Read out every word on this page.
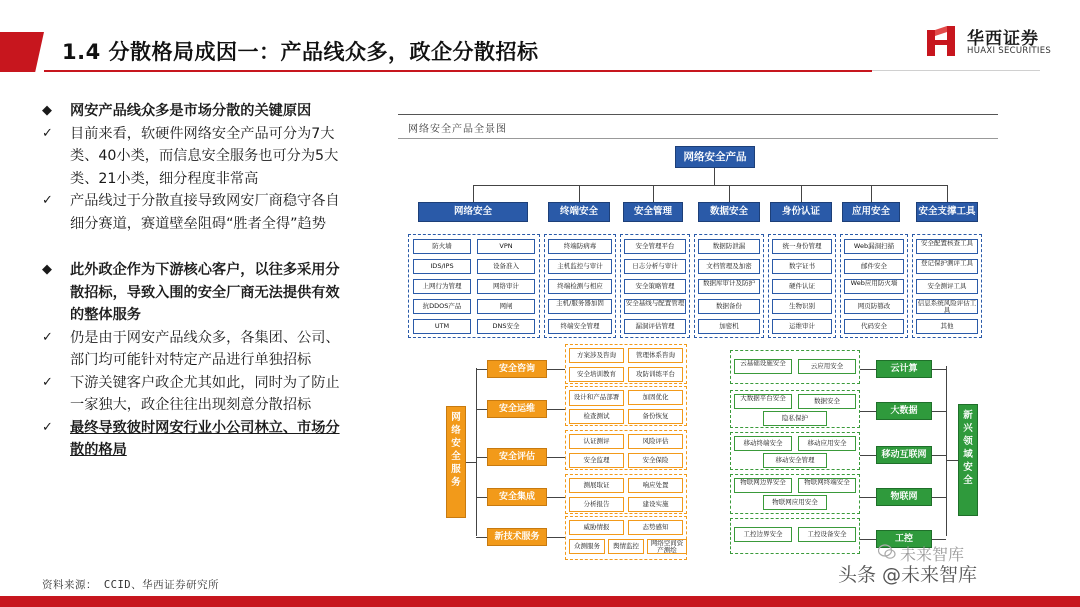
1.4 分散格局成因一：产品线众多，政企分散招标
华西证券
HUAXI SECURITIES
◆	网安产品线众多是市场分散的关键原因
✓	目前来看，软硬件网络安全产品可分为7大类、40小类，而信息安全服务也可分为5大类、21小类，细分程度非常高
✓	产品线过于分散直接导致网安厂商稳守各自细分赛道，赛道壁垒阻碍“胜者全得”趋势
◆	此外政企作为下游核心客户，以往多采用分散招标，导致入围的安全厂商无法提供有效的整体服务
✓	仍是由于网安产品线众多，各集团、公司、部门均可能针对特定产品进行单独招标
✓	下游关键客户政企尤其如此，同时为了防止一家独大，政企往往出现刻意分散招标
✓	最终导致彼时网安行业小公司林立、市场分散的格局
网络安全产品全景图
网络安全产品
网络安全	终端安全	安全管理	数据安全	身份认证	应用安全	安全支撑工具
防火墙	VPN
IDS/IPS	设备准入
上网行为管理	网络审计
抗DDOS产品	网闸
UTM	DNS安全
终端防病毒
主机监控与审计
终端检测与相应
主机/服务器加固
终端安全管理
安全管理平台
日志分析与审计
安全策略管理
安全基线与配置管理
漏洞评估管理
数据防泄漏
文档管理及加密
数据库审计及防护
数据备份
加密机
统一身份管理
数字证书
硬件认证
生物识别
运维审计
Web漏洞扫描
邮件安全
Web应用防火墙
网页防篡改
代码安全
安全配置核查工具
登记保护测评工具
安全测评工具
信息系统风险评估工具
其他
网络安全服务
安全咨询
方案涉及咨询	管理体系咨询
安全培训教育	攻防训练平台
安全运维
设计和产品部署	加固优化
检查测试	备份恢复
安全评估
认证测评	风险评估
安全监理	安全保险
安全集成
测展取证	响应处置
分析报告	建设实施
新技术服务
威胁情报	态势感知
众测服务	舆情监控	网络空间资产测绘
新兴领域安全
云计算
云基础设施安全	云应用安全
大数据
大数据平台安全	数据安全
隐私保护
移动互联网
移动终端安全	移动应用安全
移动安全管理
物联网
物联网边界安全	物联网终端安全
物联网应用安全
工控
工控边界安全	工控设备安全
资料来源： CCID、华西证券研究所
未来智库
头条 @未来智库
